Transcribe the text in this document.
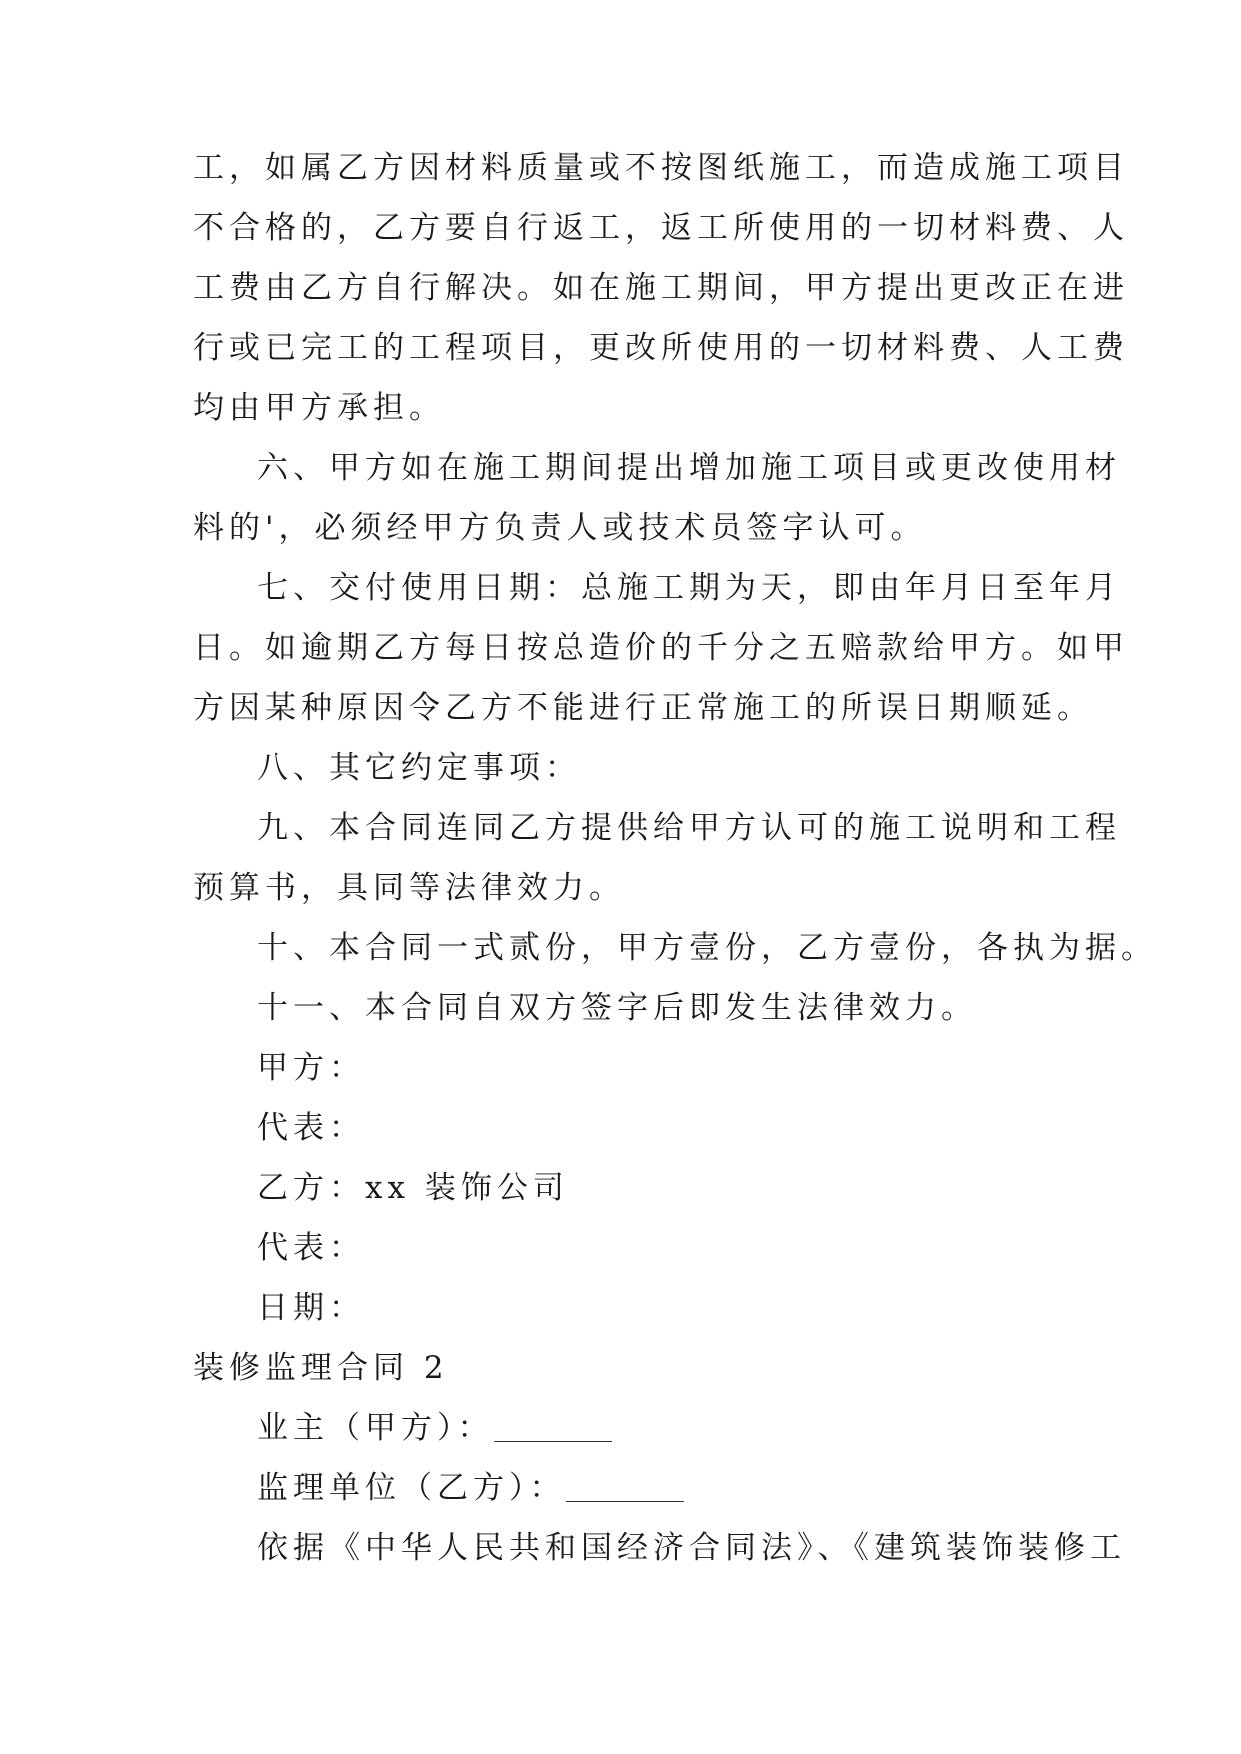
工，如属乙方因材料质量或不按图纸施工，而造成施工项目
不合格的，乙方要自行返工，返工所使用的一切材料费、人
工费由乙方自行解决。如在施工期间，甲方提出更改正在进
行或已完工的工程项目，更改所使用的一切材料费、人工费
均由甲方承担。
六、甲方如在施工期间提出增加施工项目或更改使用材
料的'，必须经甲方负责人或技术员签字认可。
七、交付使用日期：总施工期为天，即由年月日至年月
日。如逾期乙方每日按总造价的千分之五赔款给甲方。如甲
方因某种原因令乙方不能进行正常施工的所误日期顺延。
八、其它约定事项：
九、本合同连同乙方提供给甲方认可的施工说明和工程
预算书，具同等法律效力。
十、本合同一式贰份，甲方壹份，乙方壹份，各执为据。
十一、本合同自双方签字后即发生法律效力。
甲方：
代表：
乙方：xx 装饰公司
代表：
日期：
装修监理合同 2
业主（甲方）：
监理单位（乙方）：
依据《中华人民共和国经济合同法》、《建筑装饰装修工
